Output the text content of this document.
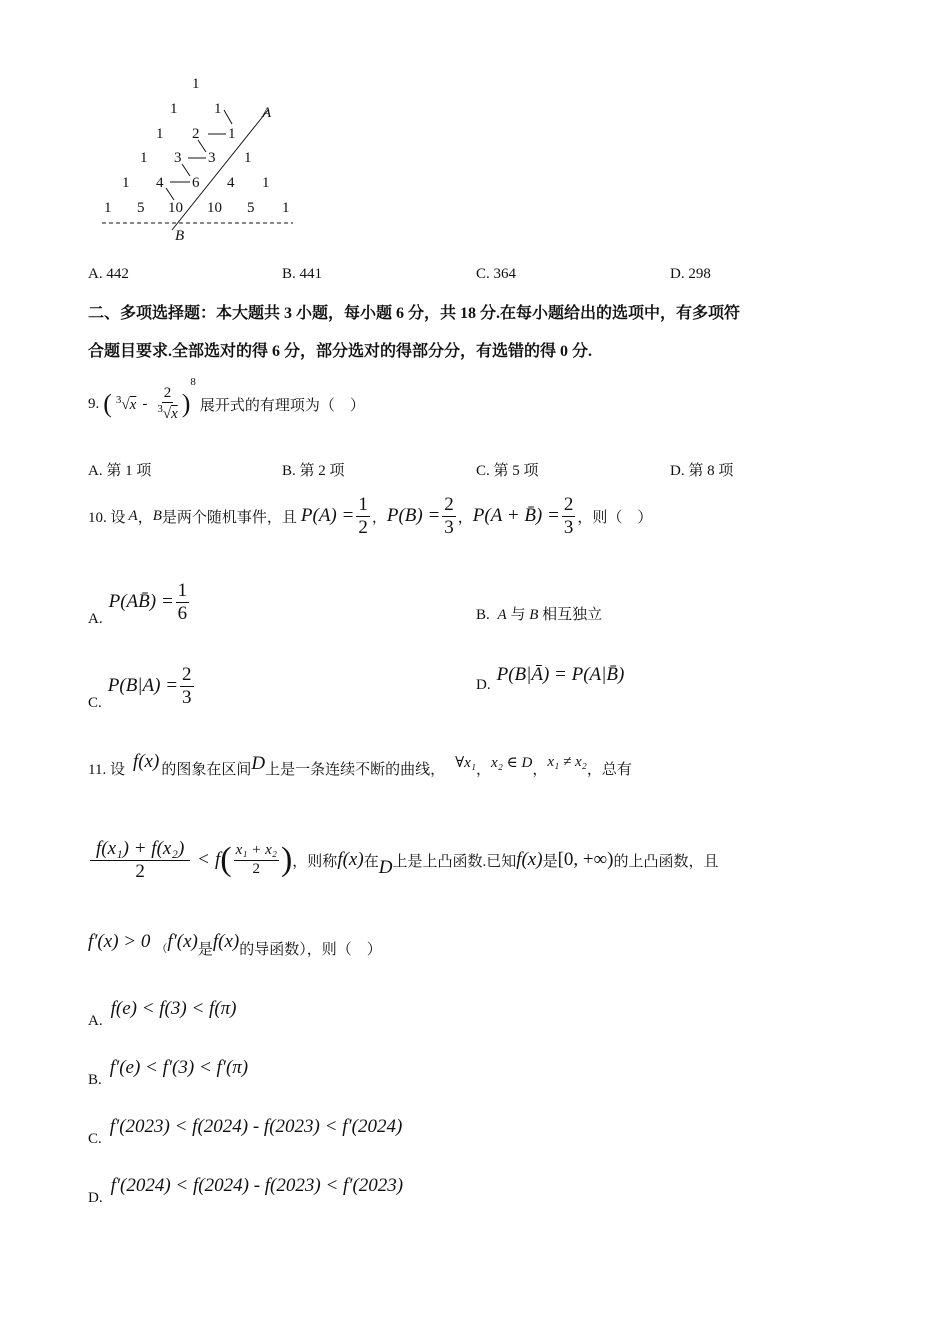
1
1 1
1 2 1
1 3 3 1
1 4 6 4 1
1 5 10 10 5 1
A
B
A. 442	B. 441	C. 364	D. 298
二、多项选择题：本大题共 3 小题，每小题 6 分，共 18 分.在每小题给出的选项中，有多项符
合题目要求.全部选对的得 6 分，部分选对的得部分分，有选错的得 0 分.
9. ( $^3√x - \frac{2}{^3√x}$ )
8
展开式的有理项为（　）
A. 第 1 项	B. 第 2 项	C. 第 5 项	D. 第 8 项
10. 设 A ， B 是两个随机事件，且 $P(A) = \frac{1}{2}$ ， $P(B) = \frac{2}{3}$ ， P(A + B̄) = $\frac{2}{3}$ ，则（　）
A.
P(AB̄) = $\frac{1}{6}$	B. A 与 B 相互独立
C.
$P(B|A) = \frac{2}{3}$	D. P(B|Ā) = P(A|B̄)
11. 设 f(x) 的图象在区间 D 上是一条连续不断的曲线， ∀x₁ ， x₂ ∈ D ， x₁ ≠ x₂ ，总有
$\frac{\text{f(x₁) + f(x₂)}}{2} < f$ ( $\frac{\text{x₁ + x₂}}{2}$ ) ，则称 f(x) 在 D 上是上凸函数.已知 f(x) 是 [0, +∞) 的上凸函数，且
f′(x) > 0 （ f′(x) 是 f(x) 的导函数），则（　）
A.
f(e) < f(3) < f(π)
B.
f′(e) < f′(3) < f′(π)
C.
f′(2023) < f(2024) - f(2023) < f′(2024)
D.
f′(2024) < f(2024) - f(2023) < f′(2023)
